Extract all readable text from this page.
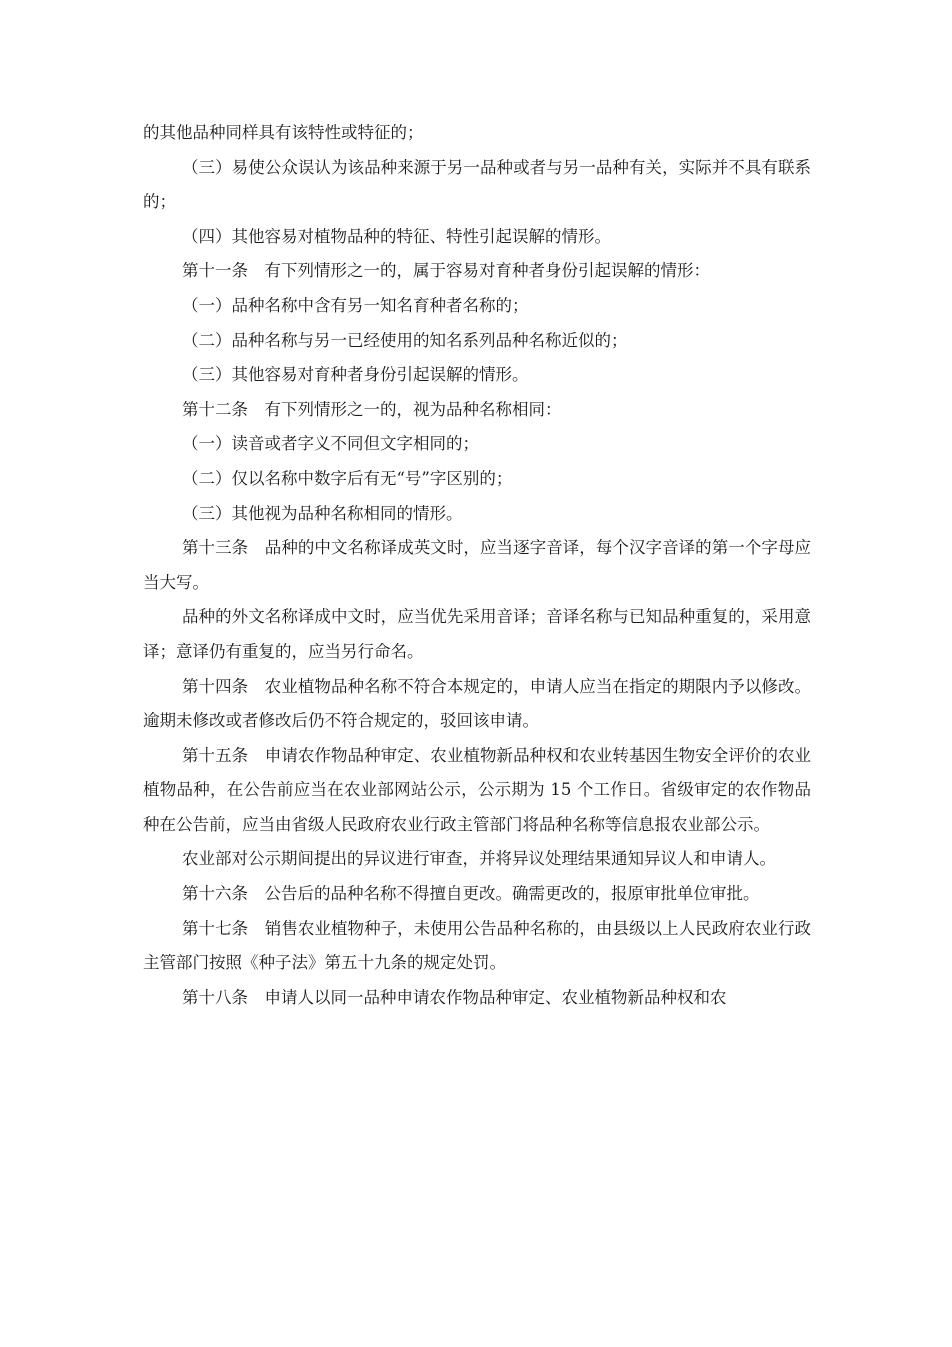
的其他品种同样具有该特性或特征的；

（三）易使公众误认为该品种来源于另一品种或者与另一品种有关，实际并不具有联系的；

（四）其他容易对植物品种的特征、特性引起误解的情形。

第十一条　有下列情形之一的，属于容易对育种者身份引起误解的情形：

（一）品种名称中含有另一知名育种者名称的；

（二）品种名称与另一已经使用的知名系列品种名称近似的；

（三）其他容易对育种者身份引起误解的情形。

第十二条　有下列情形之一的，视为品种名称相同：

（一）读音或者字义不同但文字相同的；

（二）仅以名称中数字后有无“号”字区别的；

（三）其他视为品种名称相同的情形。

第十三条　品种的中文名称译成英文时，应当逐字音译，每个汉字音译的第一个字母应当大写。

品种的外文名称译成中文时，应当优先采用音译；音译名称与已知品种重复的，采用意译；意译仍有重复的，应当另行命名。

第十四条　农业植物品种名称不符合本规定的，申请人应当在指定的期限内予以修改。逾期未修改或者修改后仍不符合规定的，驳回该申请。

第十五条　申请农作物品种审定、农业植物新品种权和农业转基因生物安全评价的农业植物品种，在公告前应当在农业部网站公示，公示期为 15 个工作日。省级审定的农作物品种在公告前，应当由省级人民政府农业行政主管部门将品种名称等信息报农业部公示。

农业部对公示期间提出的异议进行审查，并将异议处理结果通知异议人和申请人。

第十六条　公告后的品种名称不得擅自更改。确需更改的，报原审批单位审批。

第十七条　销售农业植物种子，未使用公告品种名称的，由县级以上人民政府农业行政主管部门按照《种子法》第五十九条的规定处罚。

第十八条　申请人以同一品种申请农作物品种审定、农业植物新品种权和农
